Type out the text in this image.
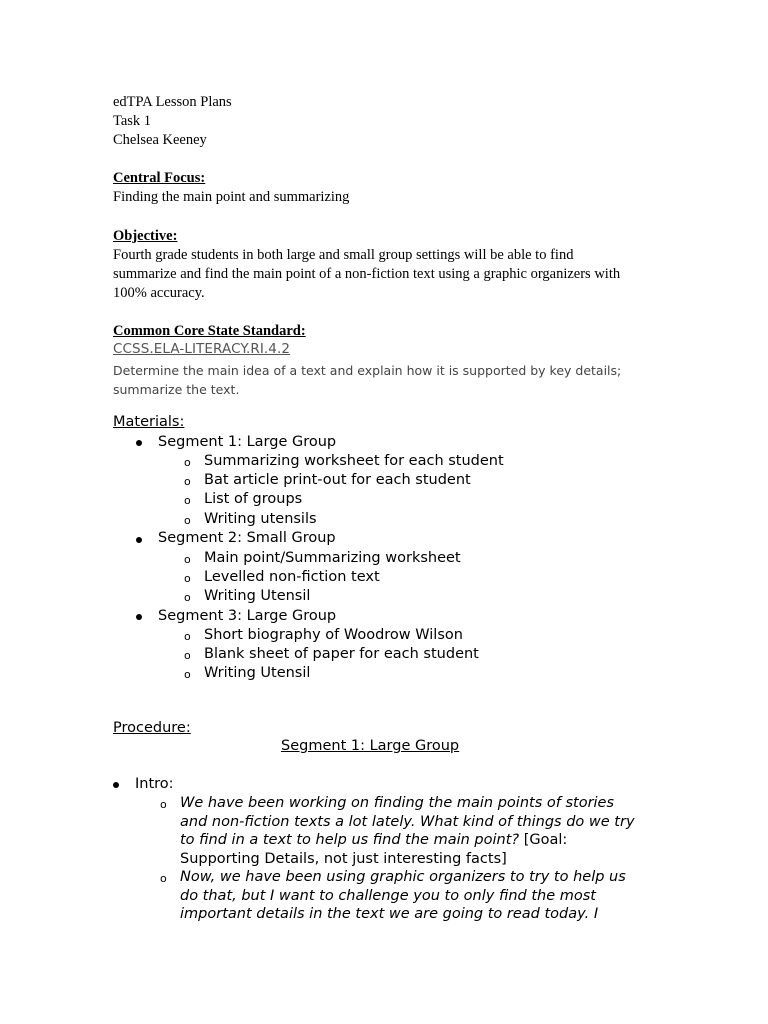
edTPA Lesson Plans
Task 1
Chelsea Keeney
Central Focus:
Finding the main point and summarizing
Objective:
Fourth grade students in both large and small group settings will be able to find
summarize and find the main point of a non-fiction text using a graphic organizers with
100% accuracy.
Common Core State Standard:
CCSS.ELA-LITERACY.RI.4.2
Determine the main idea of a text and explain how it is supported by key details;
summarize the text.
Materials:
Segment 1: Large Group
o Summarizing worksheet for each student
o Bat article print-out for each student
o List of groups
o Writing utensils
Segment 2: Small Group
o Main point/Summarizing worksheet
o Levelled non-fiction text
o Writing Utensil
Segment 3: Large Group
o Short biography of Woodrow Wilson
o Blank sheet of paper for each student
o Writing Utensil
Procedure:
Segment 1: Large Group
Intro:
o We have been working on finding the main points of stories
and non-fiction texts a lot lately. What kind of things do we try
to find in a text to help us find the main point? [Goal:
Supporting Details, not just interesting facts]
o Now, we have been using graphic organizers to try to help us
do that, but I want to challenge you to only find the most
important details in the text we are going to read today. I
